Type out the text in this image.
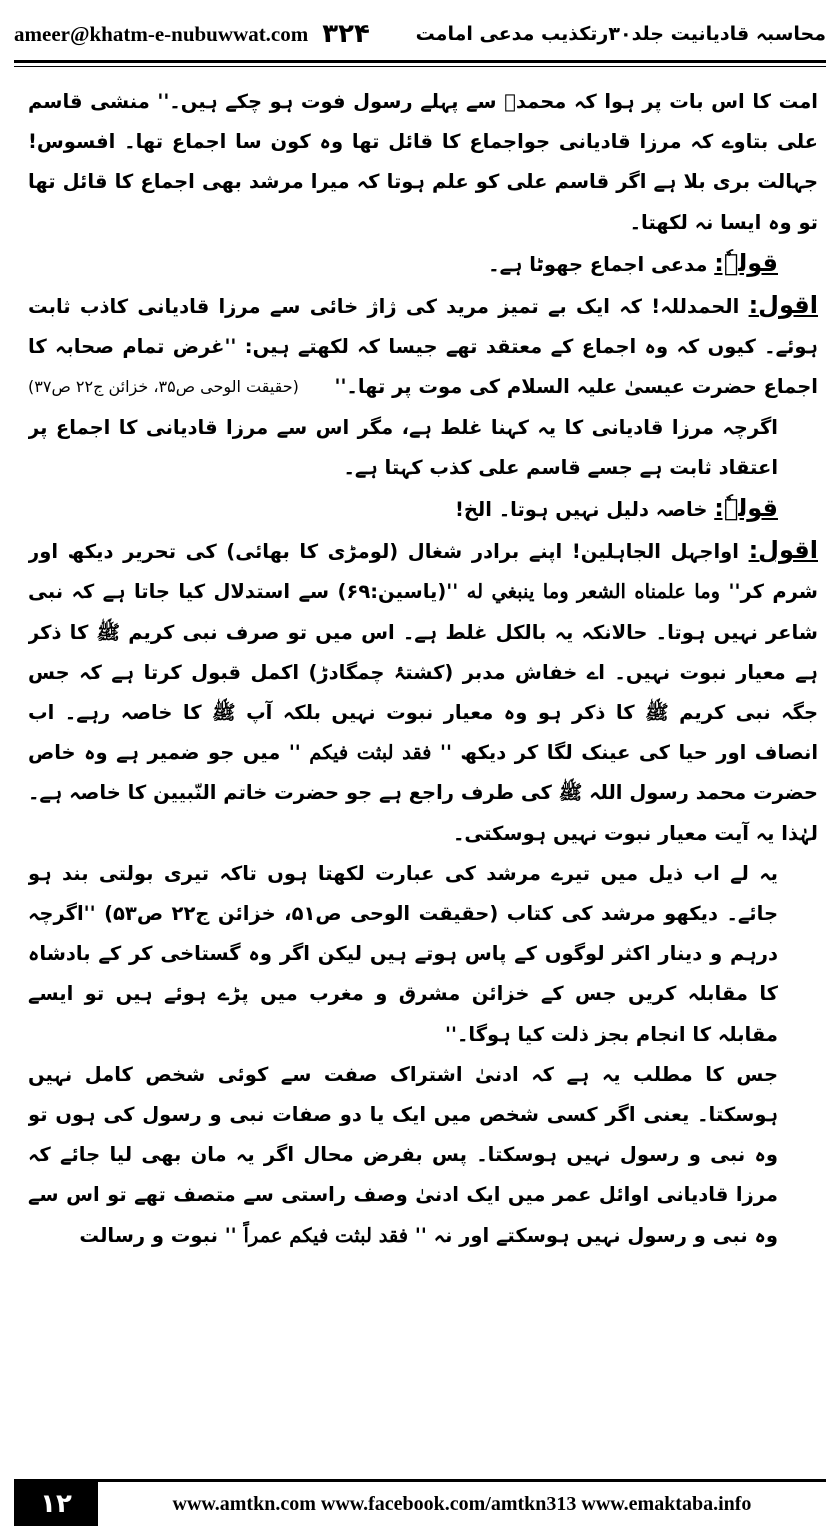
ameer@khatm-e-nubuwwat.com ۳۲۴ محاسبہ قادیانیت جلد۳۰رتکذیب مدعی امامت

امت کا اس بات پر ہوا کہ محمدؐ سے پہلے رسول فوت ہو چکے ہیں۔'' منشی قاسم علی بتاوے کہ مرزا قادیانی جواجماع کا قائل تھا وہ کون سا اجماع تھا۔ افسوس! جہالت بری بلا ہے اگر قاسم علی کو علم ہوتا کہ میرا مرشد بھی اجماع کا قائل تھا تو وہ ایسا نہ لکھتا۔

قولہٗ: مدعی اجماع جھوٹا ہے۔

اقول: الحمدللہ! کہ ایک بے تمیز مرید کی ژاژ خائی سے مرزا قادیانی کاذب ثابت ہوئے۔ کیوں کہ وہ اجماع کے معتقد تھے جیسا کہ لکھتے ہیں: ''غرض تمام صحابہ کا اجماع حضرت عیسیٰ علیہ السلام کی موت پر تھا۔''
(حقیقت الوحی ص۳۵، خزائن ج۲۲ ص۳۷)

اگرچہ مرزا قادیانی کا یہ کہنا غلط ہے، مگر اس سے مرزا قادیانی کا اجماع پر اعتقاد ثابت ہے جسے قاسم علی کذب کہتا ہے۔

قولہٗ: خاصہ دلیل نہیں ہوتا۔ الخ!

اقول: اواجہل الجاہلین! اپنے برادر شغال (لومڑی کا بھائی) کی تحریر دیکھ اور شرم کر'' وما علمناه الشعر وما ينبغي له ''(یاسین:۶۹) سے استدلال کیا جاتا ہے کہ نبی شاعر نہیں ہوتا۔ حالانکہ یہ بالکل غلط ہے۔ اس میں تو صرف نبی کریم ﷺ کا ذکر ہے معیار نبوت نہیں۔ اے خفاش مدبر (کشتۂ چمگادڑ) اکمل قبول کرتا ہے کہ جس جگہ نبی کریم ﷺ کا ذکر ہو وہ معیار نبوت نہیں بلکہ آپ ﷺ کا خاصہ رہے۔ اب انصاف اور حیا کی عینک لگا کر دیکھ '' فقد لبثت فيكم '' میں جو ضمیر ہے وہ خاص حضرت محمد رسول اللہ ﷺ کی طرف راجع ہے جو حضرت خاتم النّبیین کا خاصہ ہے۔ لہٰذا یہ آیت معیار نبوت نہیں ہوسکتی۔

یہ لے اب ذیل میں تیرے مرشد کی عبارت لکھتا ہوں تاکہ تیری بولتی بند ہو جائے۔ دیکھو مرشد کی کتاب (حقیقت الوحی ص۵۱، خزائن ج۲۲ ص۵۳) ''اگرچہ درہم و دینار اکثر لوگوں کے پاس ہوتے ہیں لیکن اگر وہ گستاخی کر کے بادشاہ کا مقابلہ کریں جس کے خزائن مشرق و مغرب میں پڑے ہوئے ہیں تو ایسے مقابلہ کا انجام بجز ذلت کیا ہوگا۔''

جس کا مطلب یہ ہے کہ ادنیٰ اشتراک صفت سے کوئی شخص کامل نہیں ہوسکتا۔ یعنی اگر کسی شخص میں ایک یا دو صفات نبی و رسول کی ہوں تو وہ نبی و رسول نہیں ہوسکتا۔ پس بفرض محال اگر یہ مان بھی لیا جائے کہ مرزا قادیانی اوائل عمر میں ایک ادنیٰ وصف راستی سے متصف تھے تو اس سے وہ نبی و رسول نہیں ہوسکتے اور نہ '' فقد لبثت فيكم عمراً '' نبوت و رسالت

۱۲	www.amtkn.com www.facebook.com/amtkn313 www.emaktaba.info
